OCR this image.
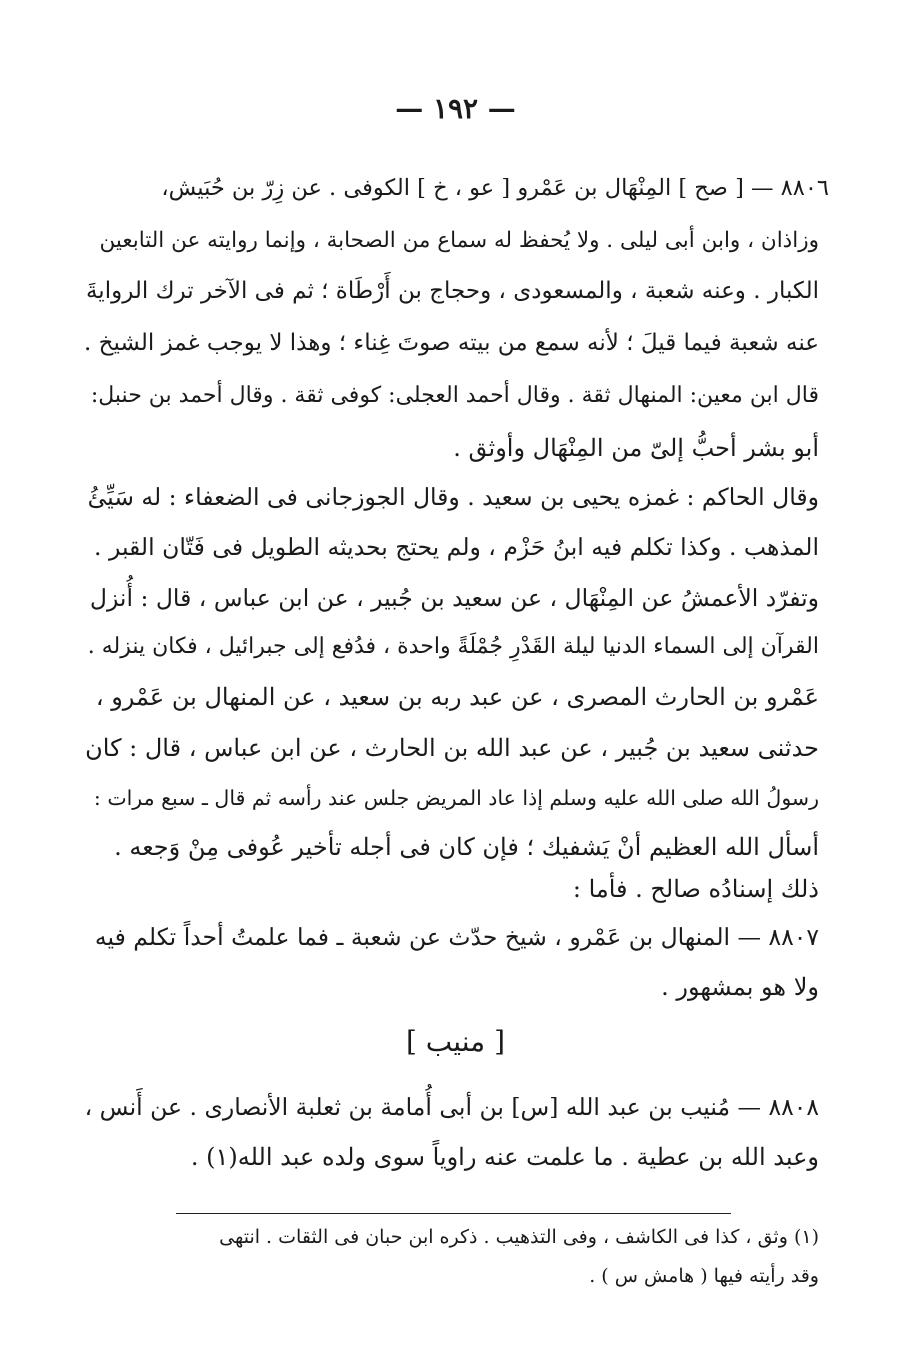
— ١٩٢ —
٨٨٠٦ — [ صح ] المِنْهَال بن عَمْرو [ عو ، خ ] الكوفى . عن زِرّ بن حُبَيش،
وزاذان ، وابن أبى ليلى . ولا يُحفظ له سماع من الصحابة ، وإنما روايته عن التابعين
الكبار . وعنه شعبة ، والمسعودى ، وحجاج بن أَرْطَاة ؛ ثم فى الآخر ترك الروايةَ
عنه شعبة فيما قيلَ ؛ لأنه سمع من بيته صوتَ غِناء ؛ وهذا لا يوجب غمز الشيخ .
قال ابن معين: المنهال ثقة . وقال أحمد العجلى: كوفى ثقة . وقال أحمد بن حنبل:
أبو بشر أحبُّ إلىّ من المِنْهَال وأوثق .
وقال الحاكم : غمزه يحيى بن سعيد . وقال الجوزجانى فى الضعفاء : له سَيِّئُ
المذهب . وكذا تكلم فيه ابنُ حَزْم ، ولم يحتج بحديثه الطويل فى فَتّان القبر .
وتفرّد الأعمشُ عن المِنْهَال ، عن سعيد بن جُبير ، عن ابن عباس ، قال : أُنزل
القرآن إلى السماء الدنيا ليلة القَدْرِ جُمْلَةً واحدة ، فدُفع إلى جبرائيل ، فكان ينزله .
عَمْرو بن الحارث المصرى ، عن عبد ربه بن سعيد ، عن المنهال بن عَمْرو ،
حدثنى سعيد بن جُبير ، عن عبد الله بن الحارث ، عن ابن عباس ، قال : كان
رسولُ الله صلى الله عليه وسلم إذا عاد المريض جلس عند رأسه ثم قال ـ سبع مرات :
أسأل الله العظيم أنْ يَشفيك ؛ فإن كان فى أجله تأخير عُوفى مِنْ وَجعه .
ذلك إسنادُه صالح . فأما :
٨٨٠٧ — المنهال بن عَمْرو ، شيخ حدّث عن شعبة ـ فما علمتُ أحداً تكلم فيه
ولا هو بمشهور .
[ منيب ]
٨٨٠٨ — مُنيب بن عبد الله [س] بن أبى أُمامة بن ثعلبة الأنصارى . عن أَنس ،
وعبد الله بن عطية . ما علمت عنه راوياً سوى ولده عبد الله(١) .
(١) وثق ، كذا فى الكاشف ، وفى التذهيب . ذكره ابن حبان فى الثقات . انتهى
وقد رأيته فيها ( هامش س ) .
